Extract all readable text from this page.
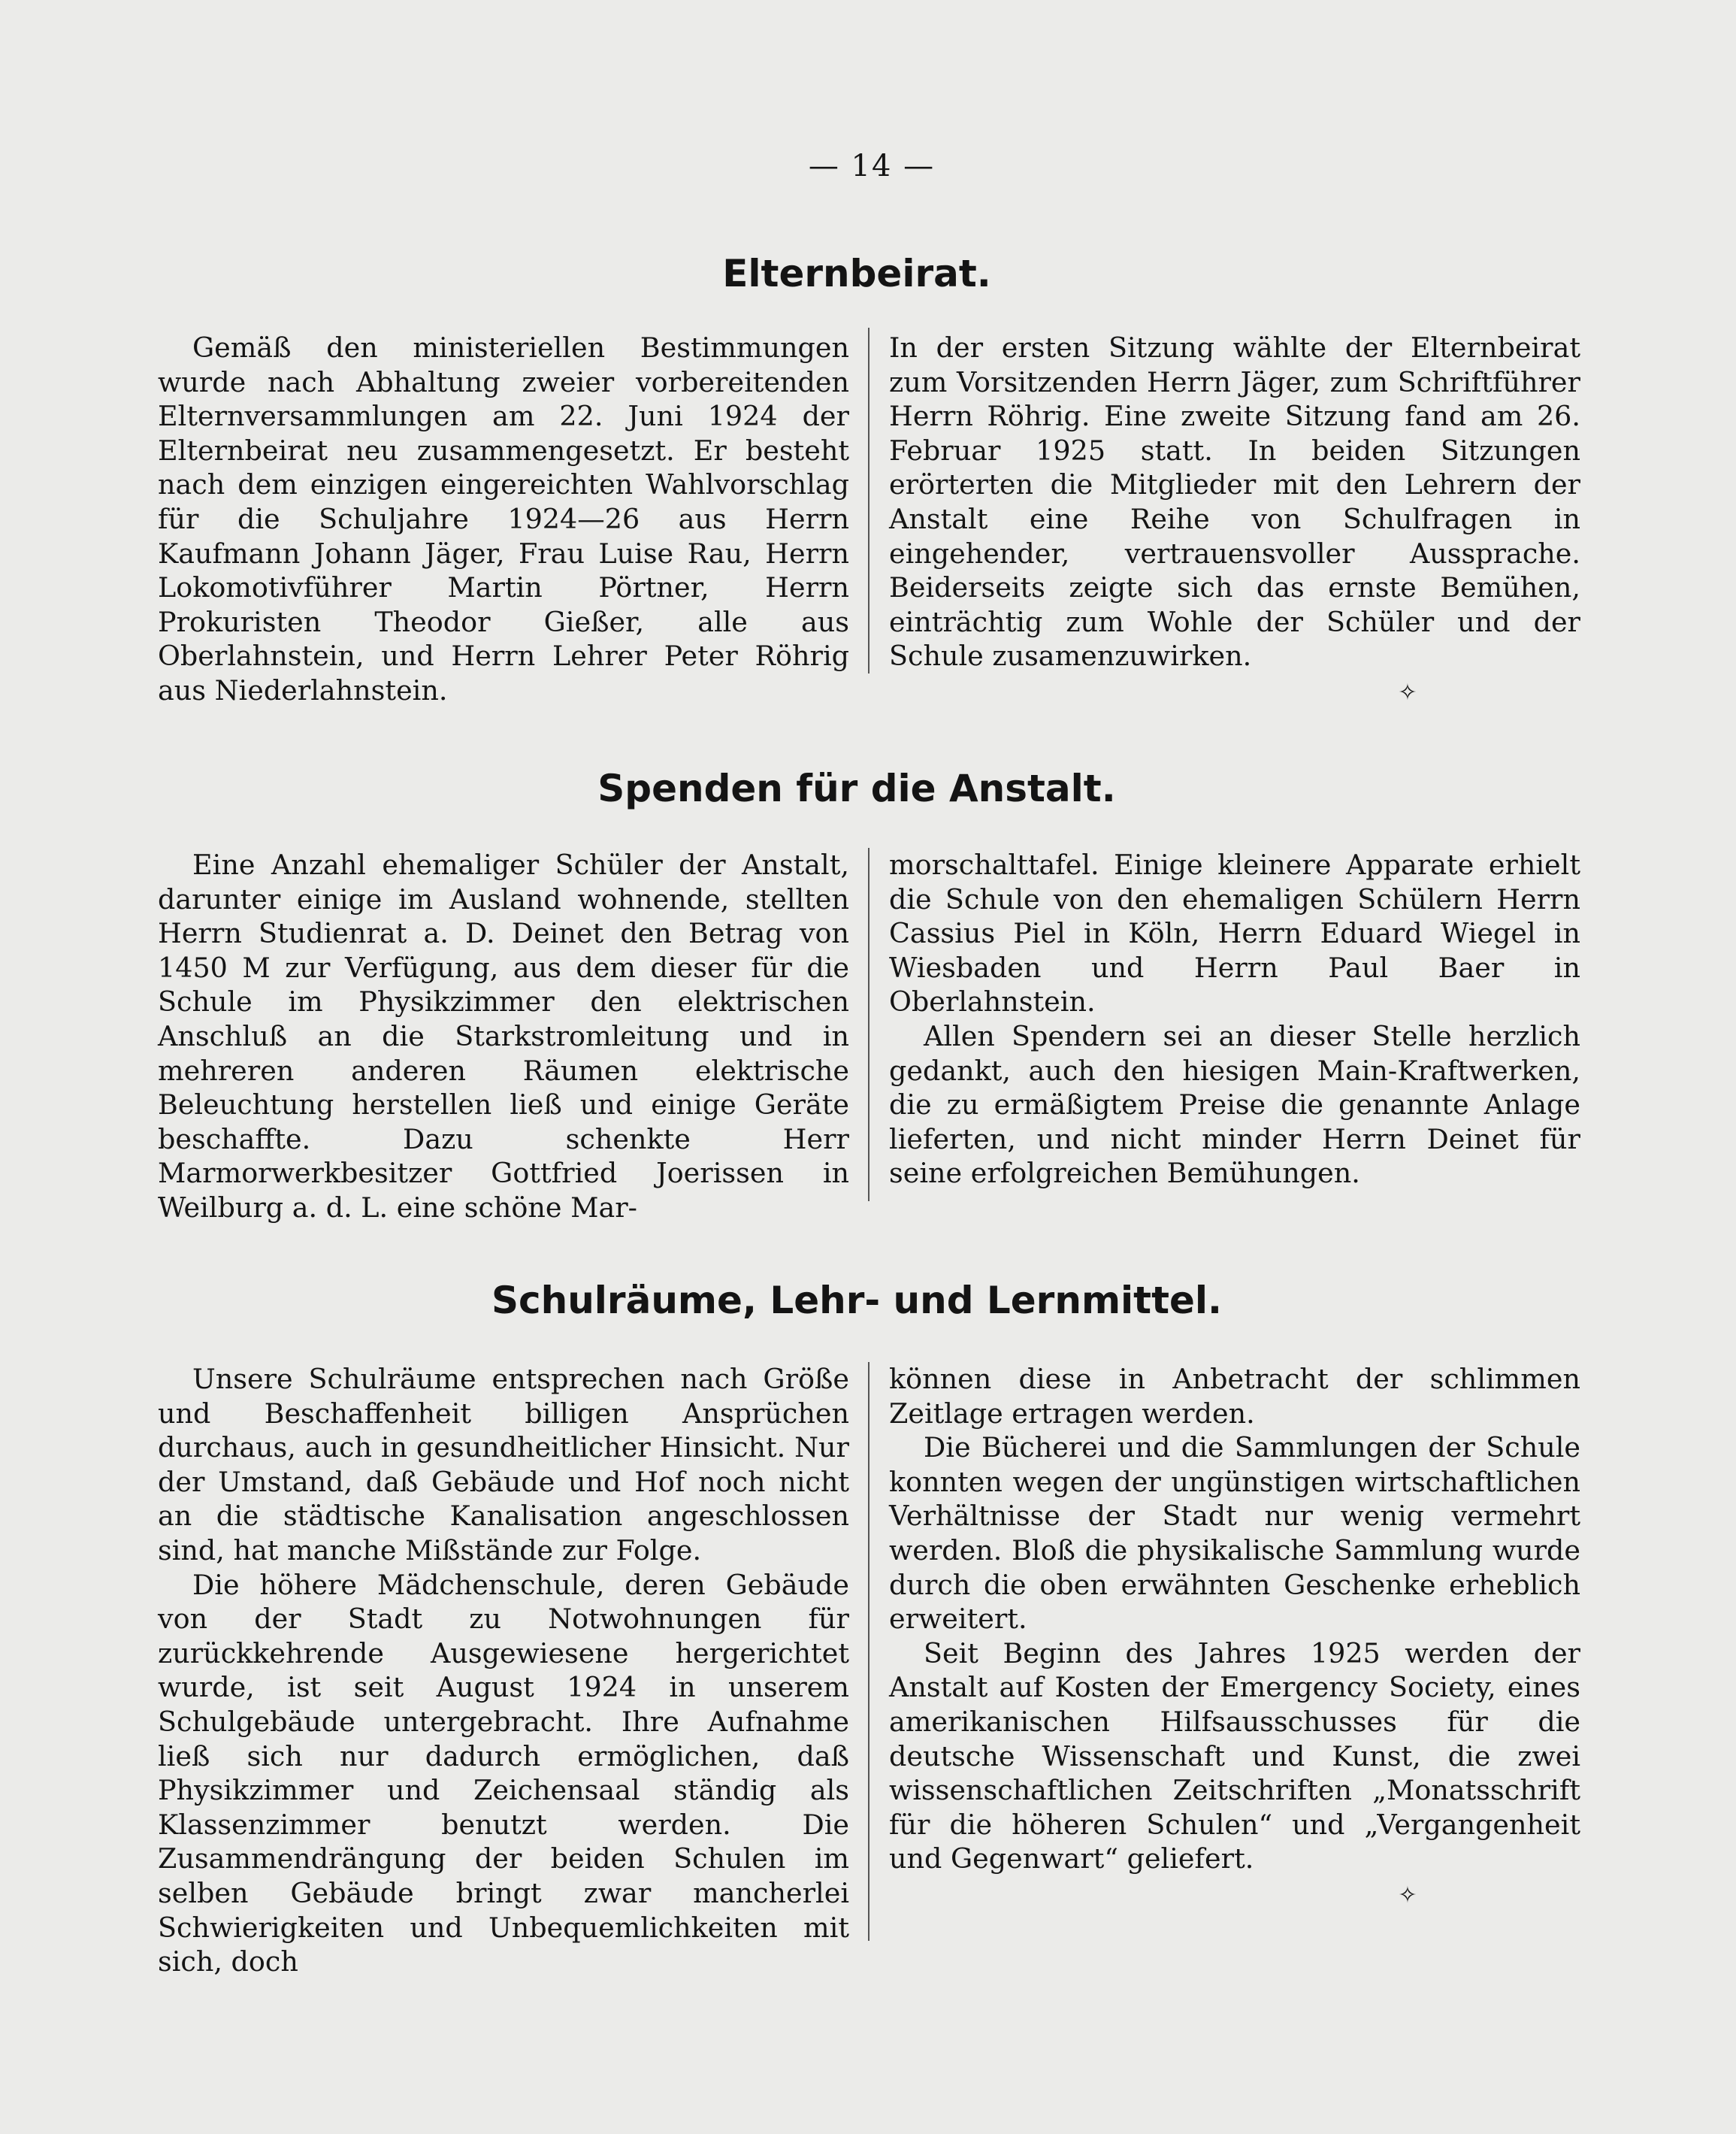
— 14 —
Elternbeirat.

Gemäß den ministeriellen Bestimmungen wurde nach Abhaltung zweier vorbereitenden Elternversammlungen am 22. Juni 1924 der Elternbeirat neu zusammengesetzt. Er besteht nach dem einzigen eingereichten Wahlvorschlag für die Schuljahre 1924—26 aus Herrn Kaufmann Johann Jäger, Frau Luise Rau, Herrn Lokomotivführer Martin Pörtner, Herrn Prokuristen Theodor Gießer, alle aus Oberlahnstein, und Herrn Lehrer Peter Röhrig aus Niederlahnstein.

In der ersten Sitzung wählte der Elternbeirat zum Vorsitzenden Herrn Jäger, zum Schriftführer Herrn Röhrig. Eine zweite Sitzung fand am 26. Februar 1925 statt. In beiden Sitzungen erörterten die Mitglieder mit den Lehrern der Anstalt eine Reihe von Schulfragen in eingehender, vertrauensvoller Aussprache. Beiderseits zeigte sich das ernste Bemühen, einträchtig zum Wohle der Schüler und der Schule zusamenzuwirken.

✧
Spenden für die Anstalt.

Eine Anzahl ehemaliger Schüler der Anstalt, darunter einige im Ausland wohnende, stellten Herrn Studienrat a. D. Deinet den Betrag von 1450 M zur Verfügung, aus dem dieser für die Schule im Physikzimmer den elektrischen Anschluß an die Starkstromleitung und in mehreren anderen Räumen elektrische Beleuchtung herstellen ließ und einige Geräte beschaffte. Dazu schenkte Herr Marmorwerkbesitzer Gottfried Joerissen in Weilburg a. d. L. eine schöne Mar-

morschalttafel. Einige kleinere Apparate erhielt die Schule von den ehemaligen Schülern Herrn Cassius Piel in Köln, Herrn Eduard Wiegel in Wiesbaden und Herrn Paul Baer in Oberlahnstein.

Allen Spendern sei an dieser Stelle herzlich gedankt, auch den hiesigen Main-Kraftwerken, die zu ermäßigtem Preise die genannte Anlage lieferten, und nicht minder Herrn Deinet für seine erfolgreichen Bemühungen.

Schulräume, Lehr- und Lernmittel.

Unsere Schulräume entsprechen nach Größe und Beschaffenheit billigen Ansprüchen durchaus, auch in gesundheitlicher Hinsicht. Nur der Umstand, daß Gebäude und Hof noch nicht an die städtische Kanalisation angeschlossen sind, hat manche Mißstände zur Folge.

Die höhere Mädchenschule, deren Gebäude von der Stadt zu Notwohnungen für zurückkehrende Ausgewiesene hergerichtet wurde, ist seit August 1924 in unserem Schulgebäude untergebracht. Ihre Aufnahme ließ sich nur dadurch ermöglichen, daß Physikzimmer und Zeichensaal ständig als Klassenzimmer benutzt werden. Die Zusammendrängung der beiden Schulen im selben Gebäude bringt zwar mancherlei Schwierigkeiten und Unbequemlichkeiten mit sich, doch

können diese in Anbetracht der schlimmen Zeitlage ertragen werden.

Die Bücherei und die Sammlungen der Schule konnten wegen der ungünstigen wirtschaftlichen Verhältnisse der Stadt nur wenig vermehrt werden. Bloß die physikalische Sammlung wurde durch die oben erwähnten Geschenke erheblich erweitert.

Seit Beginn des Jahres 1925 werden der Anstalt auf Kosten der Emergency Society, eines amerikanischen Hilfsausschusses für die deutsche Wissenschaft und Kunst, die zwei wissenschaftlichen Zeitschriften „Monatsschrift für die höheren Schulen“ und „Vergangenheit und Gegenwart“ geliefert.

✧
